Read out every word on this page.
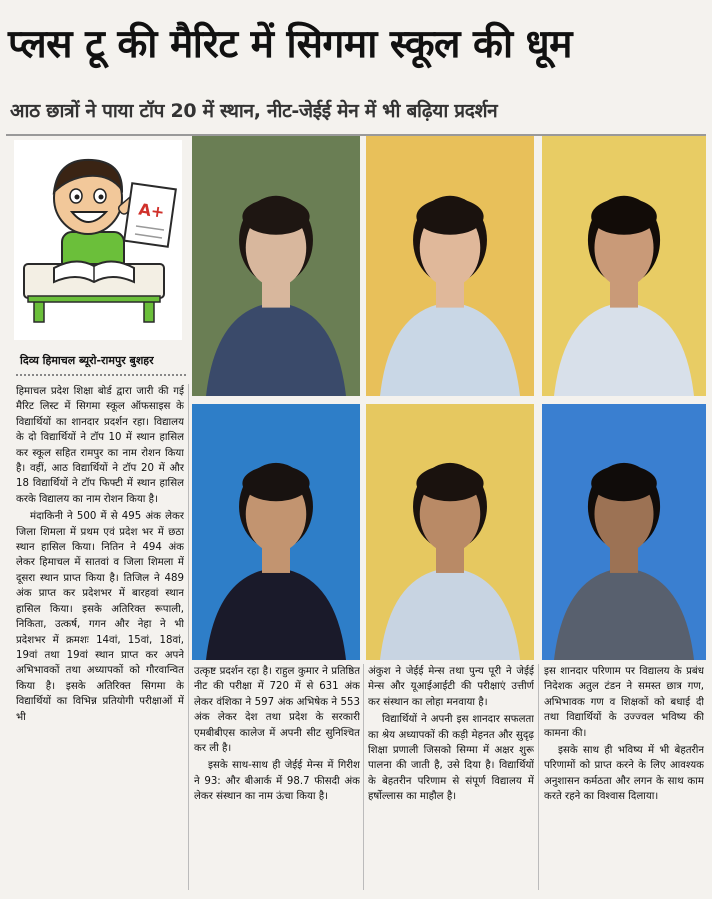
प्लस टू की मैरिट में सिगमा स्कूल की धूम
आठ छात्रों ने पाया टॉप 20 में स्थान, नीट-जेईई मेन में भी बढ़िया प्रदर्शन
A+
दिव्य हिमाचल ब्यूरो-रामपुर बुशहर

हिमाचल प्रदेश शिक्षा बोर्ड द्वारा जारी की गई मैरिट लिस्ट में सिगमा स्कूल ऑफसाइस के विद्यार्थियों का शानदार प्रदर्शन रहा। विद्यालय के दो विद्यार्थियों ने टॉप 10 में स्थान हासिल कर स्कूल सहित रामपुर का नाम रोशन किया है। वहीं, आठ विद्यार्थियों ने टॉप 20 में और 18 विद्यार्थियों ने टॉप फिफ्टी में स्थान हासिल करके विद्यालय का नाम रोशन किया है।

मंदाकिनी ने 500 में से 495 अंक लेकर जिला शिमला में प्रथम एवं प्रदेश भर में छठा स्थान हासिल किया। नितिन ने 494 अंक लेकर हिमाचल में सातवां व जिला शिमला में दूसरा स्थान प्राप्त किया है। तिजिल ने 489 अंक प्राप्त कर प्रदेशभर में बारहवां स्थान हासिल किया। इसके अतिरिक्त रूपाली, निकिता, उत्कर्ष, गगन और नेहा ने भी प्रदेशभर में क्रमशः 14वां, 15वां, 18वां, 19वां तथा 19वां स्थान प्राप्त कर अपने अभिभावकों तथा अध्यापकों को गौरवान्वित किया है। इसके अतिरिक्त सिगमा के विद्यार्थियों का विभिन्न प्रतियोगी परीक्षाओं में भी

उत्कृष्ट प्रदर्शन रहा है। राहुल कुमार ने प्रतिष्ठित नीट की परीक्षा में 720 में से 631 अंक लेकर वंशिका ने 597 अंक अभिषेक ने 553 अंक लेकर देश तथा प्रदेश के सरकारी एमबीबीएस कालेज में अपनी सीट सुनिश्चित कर ली है।

इसके साथ-साथ ही जेईई मेन्स में गिरीश ने 93: और बीआर्क में 98.7 फीसदी अंक लेकर संस्थान का नाम ऊंचा किया है।

अंकुश ने जेईई मेन्स तथा पुन्य पूरी ने जेईई मेन्स और यूआईआईटी की परीक्षाएं उत्तीर्ण कर संस्थान का लोहा मनवाया है।

विद्यार्थियों ने अपनी इस शानदार सफलता का श्रेय अध्यापकों की कड़ी मेहनत और सुदृढ़ शिक्षा प्रणाली जिसको सिग्मा में अक्षर शुरू पालना की जाती है, उसे दिया है। विद्यार्थियों के बेहतरीन परिणाम से संपूर्ण विद्यालय में हर्षोल्लास का माहौल है।

इस शानदार परिणाम पर विद्यालय के प्रबंध निदेशक अतुल टंडन ने समस्त छात्र गण, अभिभावक गण व शिक्षकों को बधाई दी तथा विद्यार्थियों के उज्ज्वल भविष्य की कामना की।

इसके साथ ही भविष्य में भी बेहतरीन परिणामों को प्राप्त करने के लिए आवश्यक अनुशासन कर्मठता और लगन के साथ काम करते रहने का विश्वास दिलाया।
